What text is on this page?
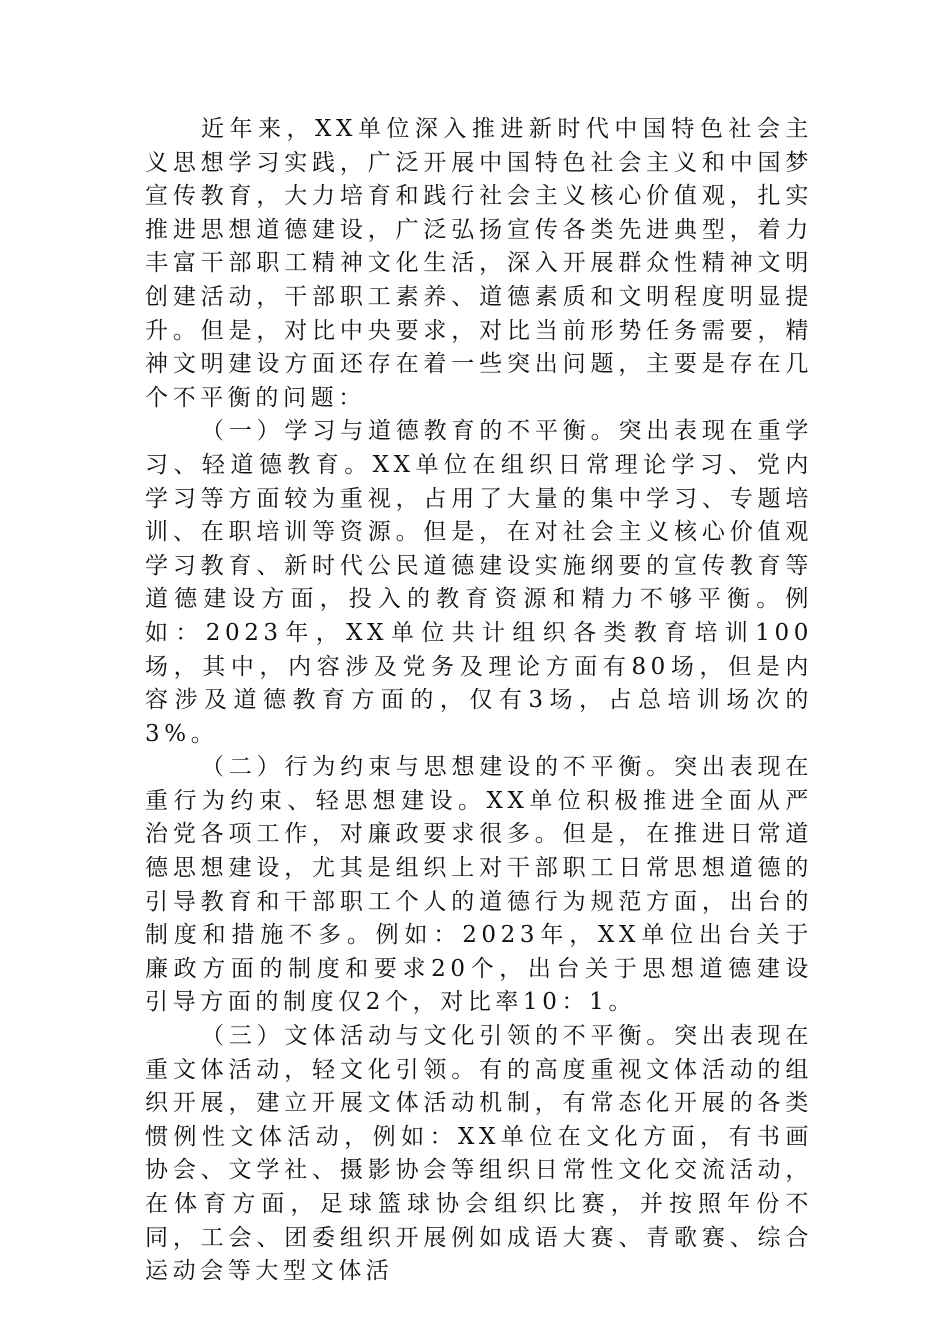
近年来，XX单位深入推进新时代中国特色社会主义思想学习实践，广泛开展中国特色社会主义和中国梦宣传教育，大力培育和践行社会主义核心价值观，扎实推进思想道德建设，广泛弘扬宣传各类先进典型，着力丰富干部职工精神文化生活，深入开展群众性精神文明创建活动，干部职工素养、道德素质和文明程度明显提升。但是，对比中央要求，对比当前形势任务需要，精神文明建设方面还存在着一些突出问题，主要是存在几个不平衡的问题：

（一）学习与道德教育的不平衡。突出表现在重学习、轻道德教育。XX单位在组织日常理论学习、党内学习等方面较为重视，占用了大量的集中学习、专题培训、在职培训等资源。但是，在对社会主义核心价值观学习教育、新时代公民道德建设实施纲要的宣传教育等道德建设方面，投入的教育资源和精力不够平衡。例如：2023年，XX单位共计组织各类教育培训100场，其中，内容涉及党务及理论方面有80场，但是内容涉及道德教育方面的，仅有3场，占总培训场次的3%。

（二）行为约束与思想建设的不平衡。突出表现在重行为约束、轻思想建设。XX单位积极推进全面从严治党各项工作，对廉政要求很多。但是，在推进日常道德思想建设，尤其是组织上对干部职工日常思想道德的引导教育和干部职工个人的道德行为规范方面，出台的制度和措施不多。例如：2023年，XX单位出台关于廉政方面的制度和要求20个，出台关于思想道德建设引导方面的制度仅2个，对比率10：1。

（三）文体活动与文化引领的不平衡。突出表现在重文体活动，轻文化引领。有的高度重视文体活动的组织开展，建立开展文体活动机制，有常态化开展的各类惯例性文体活动，例如：XX单位在文化方面，有书画协会、文学社、摄影协会等组织日常性文化交流活动，在体育方面，足球篮球协会组织比赛，并按照年份不同，工会、团委组织开展例如成语大赛、青歌赛、综合运动会等大型文体活
